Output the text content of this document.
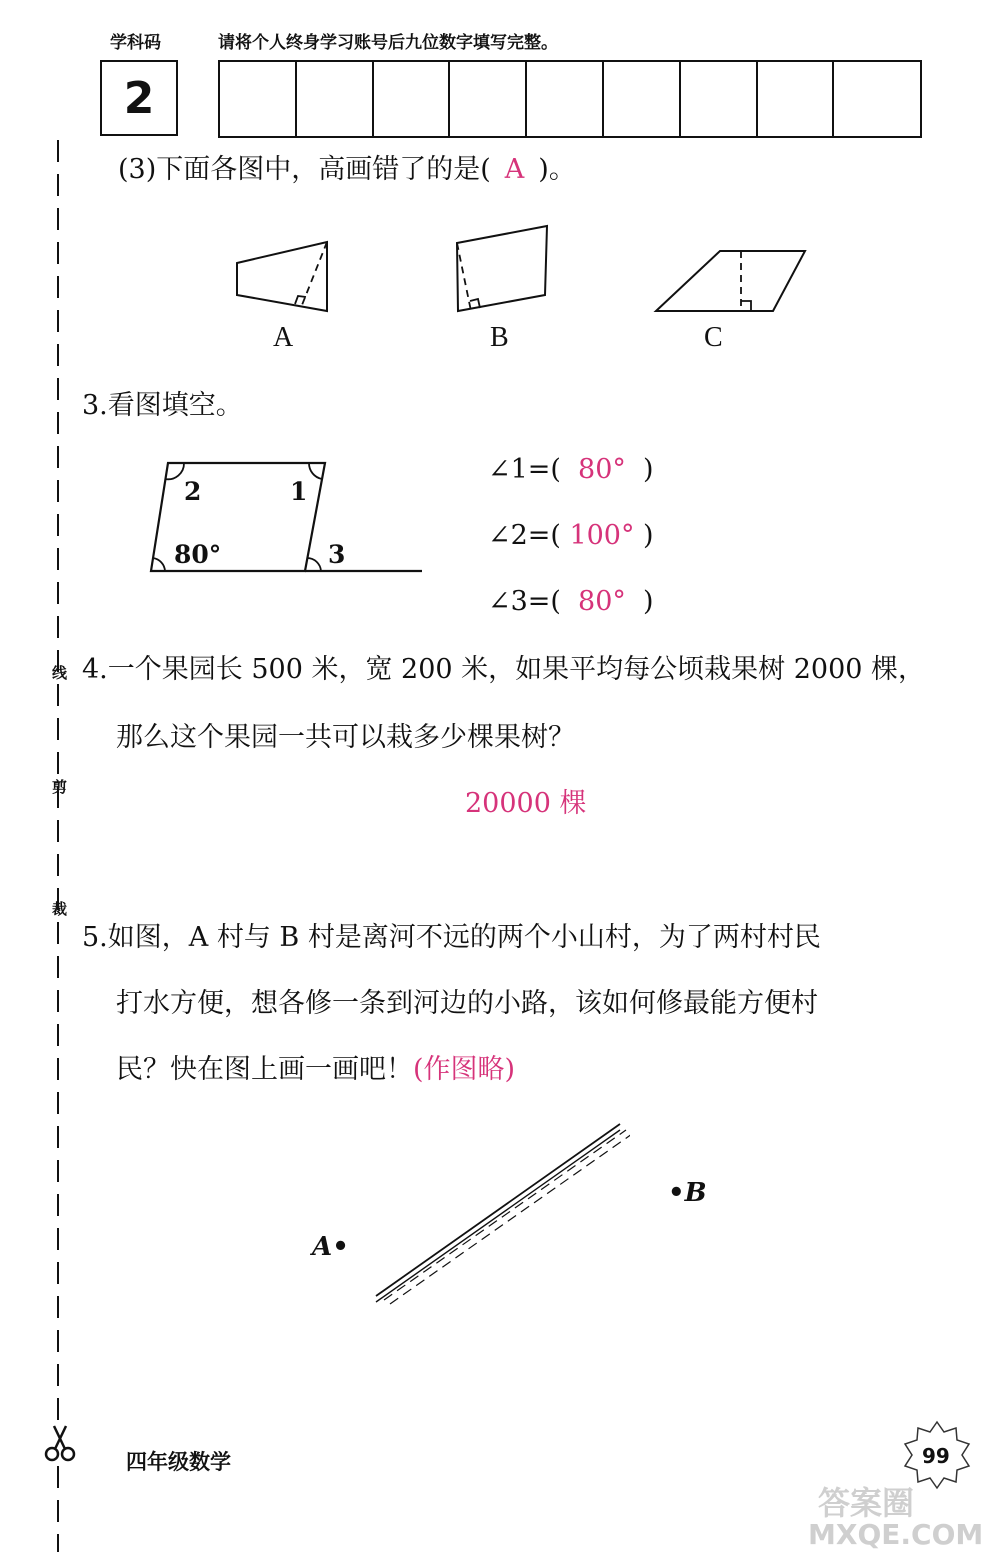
学科码	请将个人终身学习账号后九位数字填写完整。
2
线
剪
裁
(3)下面各图中，高画错了的是( A )。
A	B	C
3.看图填空。
2	1
80°	3
∠1=( 80° )
∠2=( 100° )
∠3=( 80° )
4.一个果园长 500 米，宽 200 米，如果平均每公顷栽果树 2000 棵，
那么这个果园一共可以栽多少棵果树？
20000 棵
5.如图，A 村与 B 村是离河不远的两个小山村，为了两村村民
打水方便，想各修一条到河边的小路，该如何修最能方便村
民？快在图上画一画吧！(作图略)
A•
•B
四年级数学	99
答案圈
MXQE.COM
